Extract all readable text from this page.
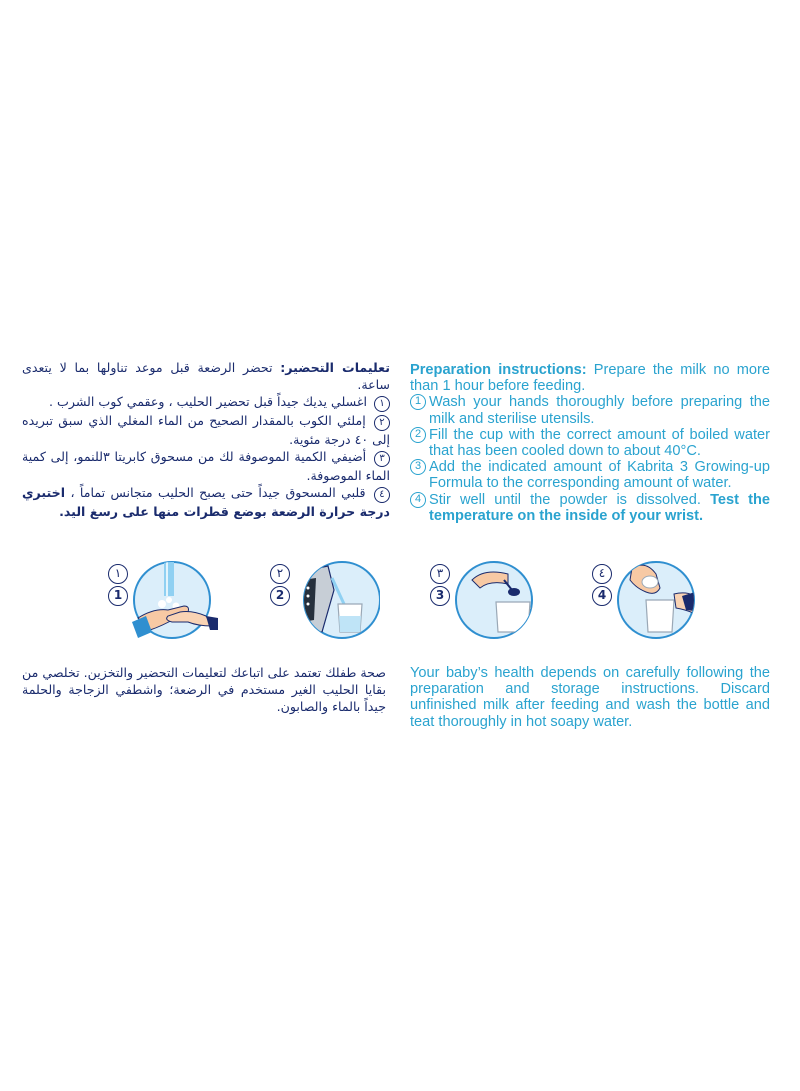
تعليمات التحضير: تحضر الرضعة قبل موعد تناولها بما لا يتعدى ساعة.
١ اغسلي يديك جيداً قبل تحضير الحليب ، وعقمي كوب الشرب .
٢ إملئي الكوب بالمقدار الصحيح من الماء المغلي الذي سبق تبريده إلى ٤٠ درجة مئوية.
٣ أضيفي الكمية الموصوفة لك من مسحوق كابريتا ٣للنمو، إلى كمية الماء الموصوفة.
٤ قلبي المسحوق جيداً حتى يصبح الحليب متجانس تماماً ، اختبري درجة حرارة الرضعة بوضع قطرات منها على رسغ اليد.
Preparation instructions: Prepare the milk no more than 1 hour before feeding.
1 Wash your hands thoroughly before preparing the milk and sterilise utensils.
2 Fill the cup with the correct amount of boiled water that has been cooled down to about 40°C.
3 Add the indicated amount of Kabrita 3 Growing-up Formula to the corresponding amount of water.
4 Stir well until the powder is dissolved. Test the temperature on the inside of your wrist.
١
1
٢
2
٣
3
٤
4
صحة طفلك تعتمد على اتباعك لتعليمات التحضير والتخزين. تخلصي من بقايا الحليب الغير مستخدم في الرضعة؛ واشطفي الزجاجة والحلمة جيداً بالماء والصابون.
Your baby’s health depends on carefully following the preparation and storage instructions. Discard unfinished milk after feeding and wash the bottle and teat thoroughly in hot soapy water.
